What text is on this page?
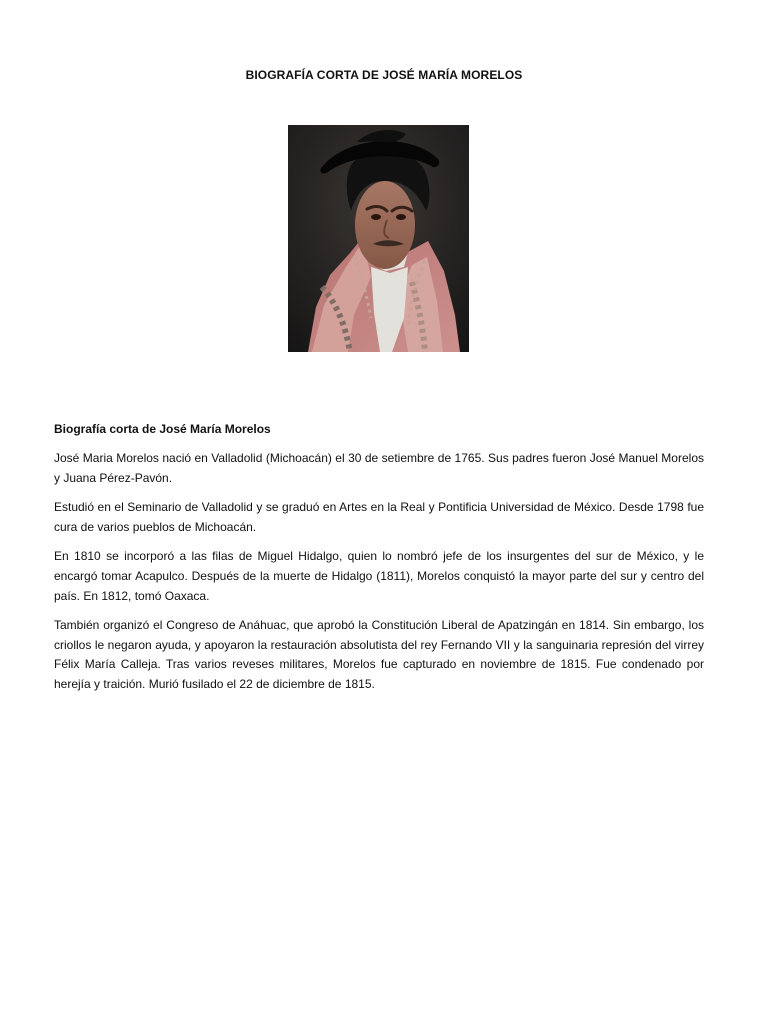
BIOGRAFÍA CORTA DE JOSÉ MARÍA MORELOS

Biografía corta de José María Morelos

José Maria Morelos nació en Valladolid (Michoacán) el 30 de setiembre de 1765. Sus padres fueron José Manuel Morelos y Juana Pérez-Pavón.

Estudió en el Seminario de Valladolid y se graduó en Artes en la Real y Pontificia Universidad de México. Desde 1798 fue cura de varios pueblos de Michoacán.

En 1810 se incorporó a las filas de Miguel Hidalgo, quien lo nombró jefe de los insurgentes del sur de México, y le encargó tomar Acapulco. Después de la muerte de Hidalgo (1811), Morelos conquistó la mayor parte del sur y centro del país. En 1812, tomó Oaxaca.

También organizó el Congreso de Anáhuac, que aprobó la Constitución Liberal de Apatzingán en 1814. Sin embargo, los criollos le negaron ayuda, y apoyaron la restauración absolutista del rey Fernando VII y la sanguinaria represión del virrey Félix María Calleja. Tras varios reveses militares, Morelos fue capturado en noviembre de 1815. Fue condenado por herejía y traición. Murió fusilado el 22 de diciembre de 1815.
